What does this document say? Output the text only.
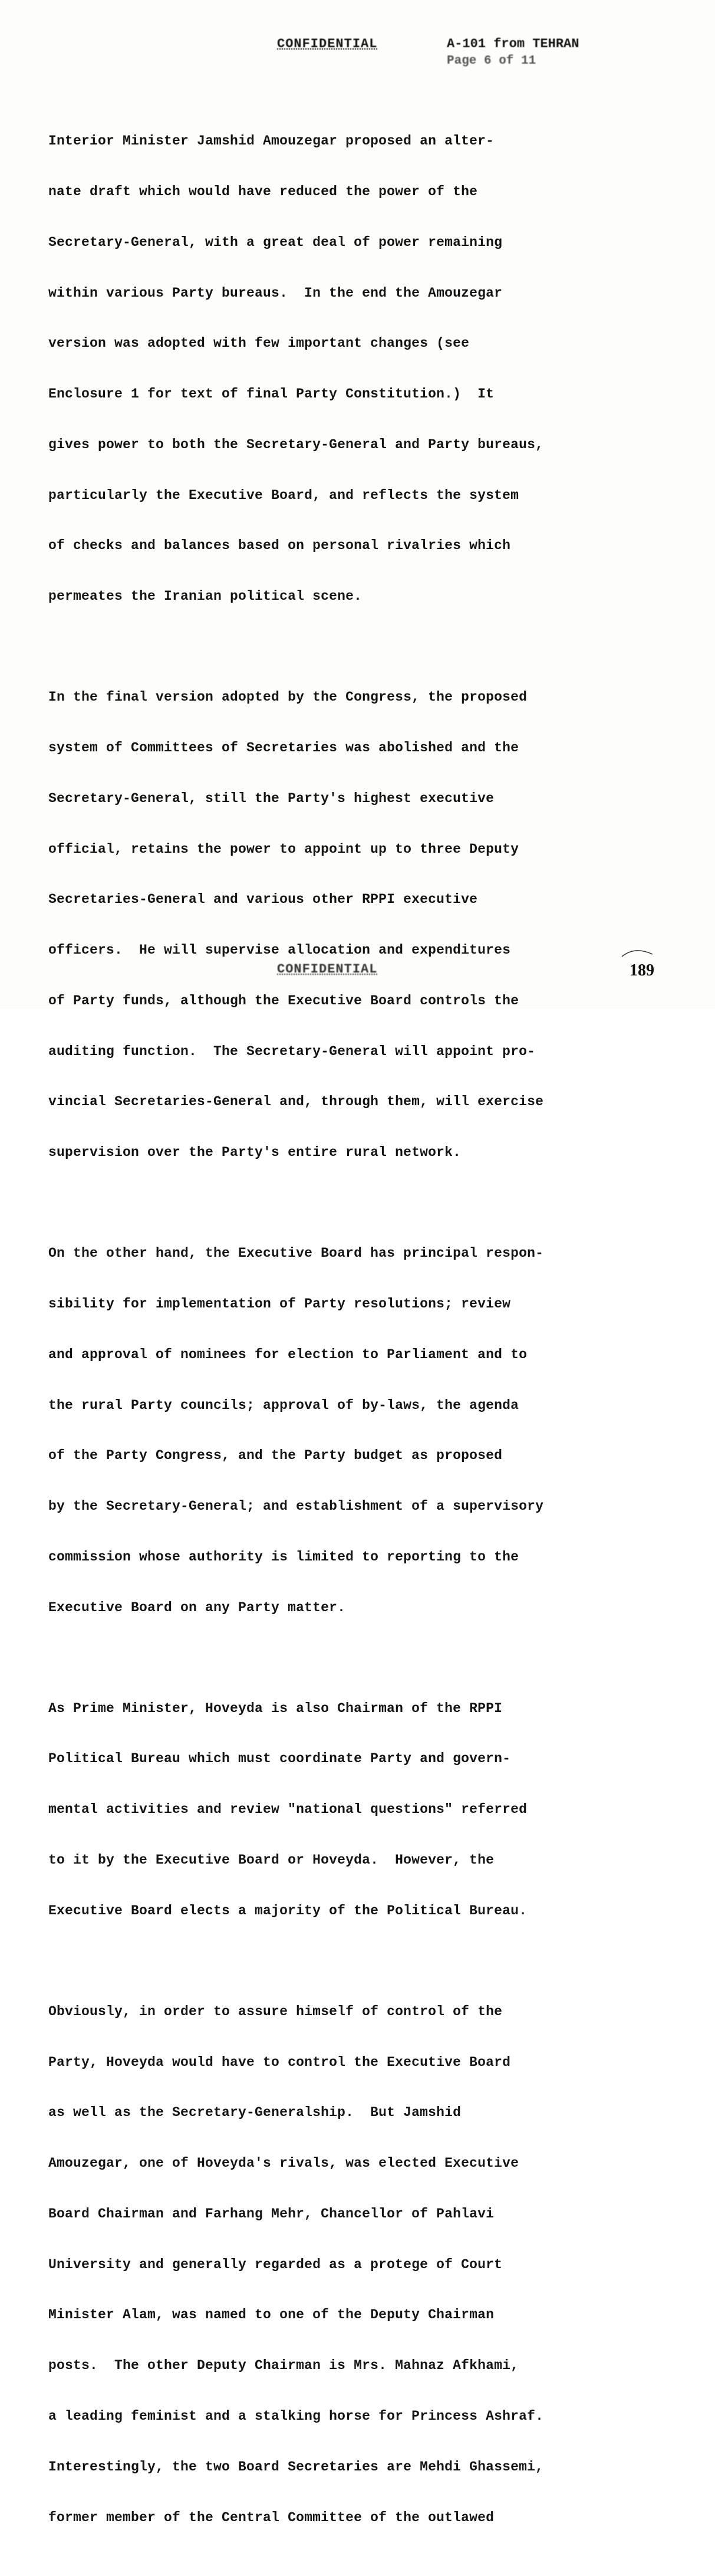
CONFIDENTIAL	A-101 from TEHRAN
Page 6 of 11

Interior Minister Jamshid Amouzegar proposed an alter-

nate draft which would have reduced the power of the

Secretary-General, with a great deal of power remaining

within various Party bureaus.  In the end the Amouzegar

version was adopted with few important changes (see

Enclosure 1 for text of final Party Constitution.)  It

gives power to both the Secretary-General and Party bureaus,

particularly the Executive Board, and reflects the system

of checks and balances based on personal rivalries which

permeates the Iranian political scene.

In the final version adopted by the Congress, the proposed

system of Committees of Secretaries was abolished and the

Secretary-General, still the Party's highest executive

official, retains the power to appoint up to three Deputy

Secretaries-General and various other RPPI executive

officers.  He will supervise allocation and expenditures

of Party funds, although the Executive Board controls the

auditing function.  The Secretary-General will appoint pro-

vincial Secretaries-General and, through them, will exercise

supervision over the Party's entire rural network.

On the other hand, the Executive Board has principal respon-

sibility for implementation of Party resolutions; review

and approval of nominees for election to Parliament and to

the rural Party councils; approval of by-laws, the agenda

of the Party Congress, and the Party budget as proposed

by the Secretary-General; and establishment of a supervisory

commission whose authority is limited to reporting to the

Executive Board on any Party matter.

As Prime Minister, Hoveyda is also Chairman of the RPPI

Political Bureau which must coordinate Party and govern-

mental activities and review "national questions" referred

to it by the Executive Board or Hoveyda.  However, the

Executive Board elects a majority of the Political Bureau.

Obviously, in order to assure himself of control of the

Party, Hoveyda would have to control the Executive Board

as well as the Secretary-Generalship.  But Jamshid

Amouzegar, one of Hoveyda's rivals, was elected Executive

Board Chairman and Farhang Mehr, Chancellor of Pahlavi

University and generally regarded as a protege of Court

Minister Alam, was named to one of the Deputy Chairman

posts.  The other Deputy Chairman is Mrs. Mahnaz Afkhami,

a leading feminist and a stalking horse for Princess Ashraf.

Interestingly, the two Board Secretaries are Mehdi Ghassemi,

former member of the Central Committee of the outlawed

CONFIDENTIAL	189
